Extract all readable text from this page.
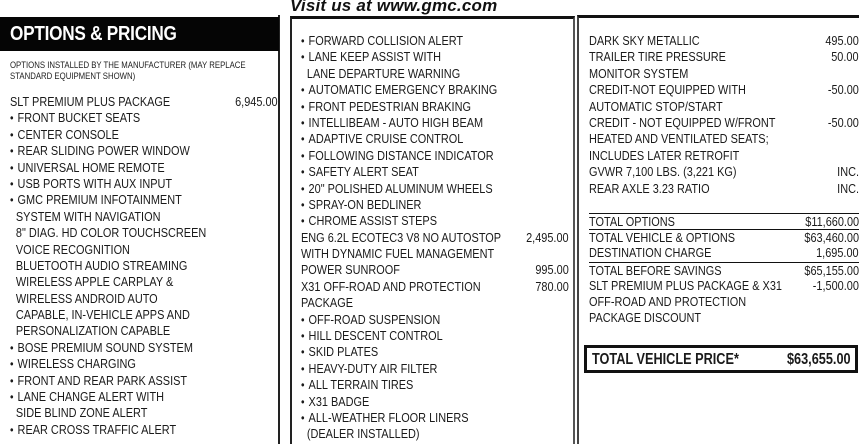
Visit us at www.gmc.com
OPTIONS & PRICING
OPTIONS INSTALLED BY THE MANUFACTURER (MAY REPLACE
STANDARD EQUIPMENT SHOWN)
SLT PREMIUM PLUS PACKAGE	6,945.00
• FRONT BUCKET SEATS
• CENTER CONSOLE
• REAR SLIDING POWER WINDOW
• UNIVERSAL HOME REMOTE
• USB PORTS WITH AUX INPUT
• GMC PREMIUM INFOTAINMENT
SYSTEM WITH NAVIGATION
8" DIAG. HD COLOR TOUCHSCREEN
VOICE RECOGNITION
BLUETOOTH AUDIO STREAMING
WIRELESS APPLE CARPLAY &
WIRELESS ANDROID AUTO
CAPABLE, IN-VEHICLE APPS AND
PERSONALIZATION CAPABLE
• BOSE PREMIUM SOUND SYSTEM
• WIRELESS CHARGING
• FRONT AND REAR PARK ASSIST
• LANE CHANGE ALERT WITH
SIDE BLIND ZONE ALERT
• REAR CROSS TRAFFIC ALERT
• FORWARD COLLISION ALERT
• LANE KEEP ASSIST WITH
LANE DEPARTURE WARNING
• AUTOMATIC EMERGENCY BRAKING
• FRONT PEDESTRIAN BRAKING
• INTELLIBEAM - AUTO HIGH BEAM
• ADAPTIVE CRUISE CONTROL
• FOLLOWING DISTANCE INDICATOR
• SAFETY ALERT SEAT
• 20" POLISHED ALUMINUM WHEELS
• SPRAY-ON BEDLINER
• CHROME ASSIST STEPS
ENG 6.2L ECOTEC3 V8 NO AUTOSTOP 2,495.00
WITH DYNAMIC FUEL MANAGEMENT
POWER SUNROOF	995.00
X31 OFF-ROAD AND PROTECTION	780.00
PACKAGE
• OFF-ROAD SUSPENSION
• HILL DESCENT CONTROL
• SKID PLATES
• HEAVY-DUTY AIR FILTER
• ALL TERRAIN TIRES
• X31 BADGE
• ALL-WEATHER FLOOR LINERS
(DEALER INSTALLED)
DARK SKY METALLIC	495.00
TRAILER TIRE PRESSURE	50.00
MONITOR SYSTEM
CREDIT-NOT EQUIPPED WITH	-50.00
AUTOMATIC STOP/START
CREDIT - NOT EQUIPPED W/FRONT	-50.00
HEATED AND VENTILATED SEATS;
INCLUDES LATER RETROFIT
GVWR 7,100 LBS. (3,221 KG)	INC.
REAR AXLE 3.23 RATIO	INC.
TOTAL OPTIONS	$11,660.00
TOTAL VEHICLE & OPTIONS	$63,460.00
DESTINATION CHARGE	1,695.00
TOTAL BEFORE SAVINGS	$65,155.00
SLT PREMIUM PLUS PACKAGE & X31 -1,500.00
OFF-ROAD AND PROTECTION
PACKAGE DISCOUNT
TOTAL VEHICLE PRICE*	$63,655.00
